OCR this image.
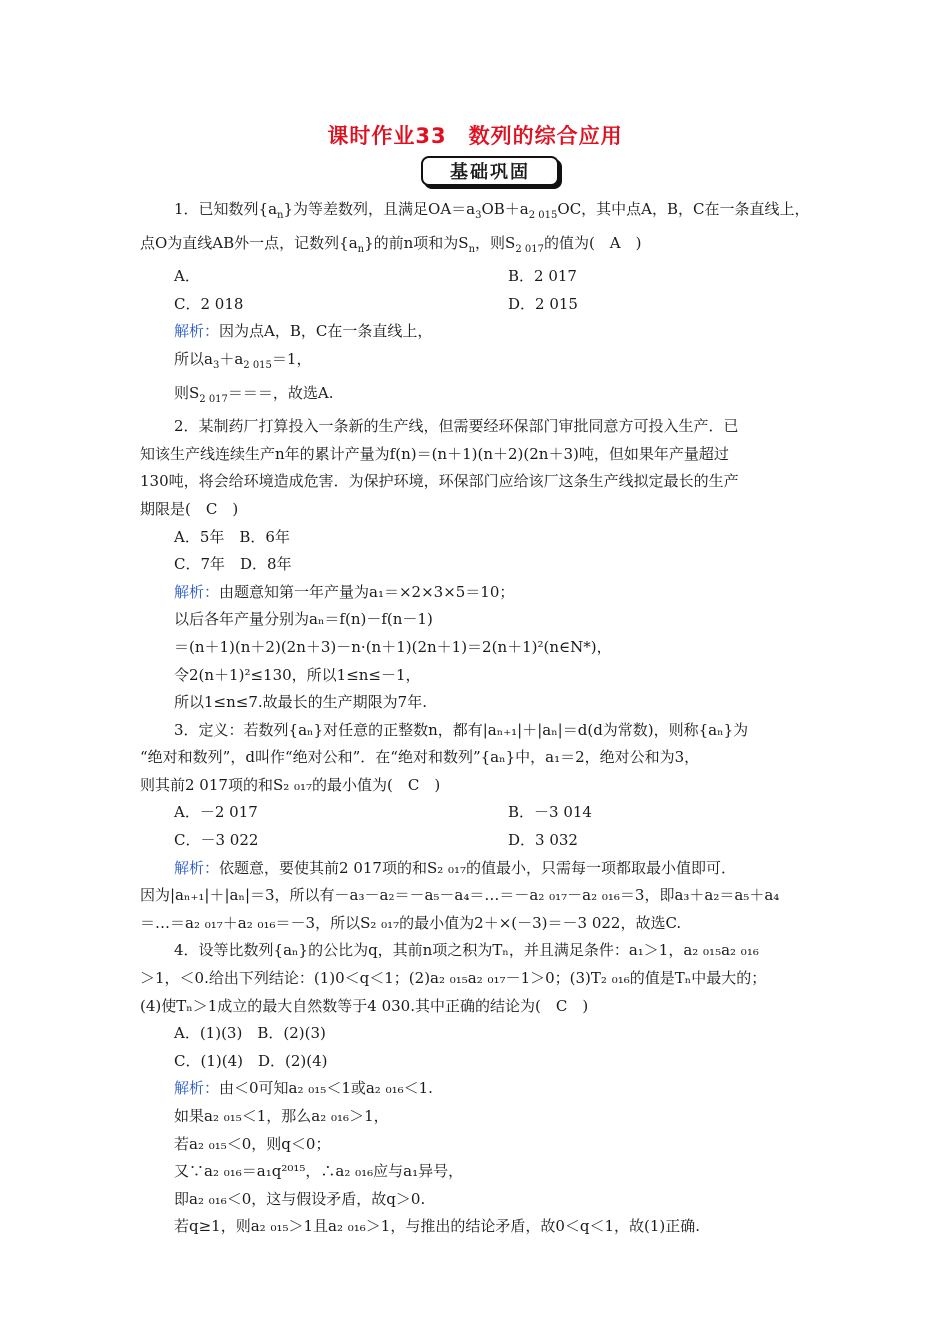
课时作业33　数列的综合应用
基础巩固

1．已知数列$\{a_n\}$为等差数列，且满足$OA=a_3OB+a_{2 015}OC$，其中点A，B，C在一条直线上，

点O为直线AB外一点，记数列$\{a_n\}$的前n项和为$S_n$，则$S_{2 017}$的值为(　A　)

A．	B．2 017
C．2 018	D．2 015

解析：因为点A，B，C在一条直线上，

所以$a_3+a_{2 015}=1$，

则$S_{2 017}===$，故选A.

2．某制药厂打算投入一条新的生产线，但需要经环保部门审批同意方可投入生产．已

知该生产线连续生产n年的累计产量为f(n)＝(n＋1)(n＋2)(2n＋3)吨，但如果年产量超过

130吨，将会给环境造成危害．为保护环境，环保部门应给该厂这条生产线拟定最长的生产

期限是(　C　)

A．5年　B．6年

C．7年　D．8年

解析：由题意知第一年产量为a₁＝×2×3×5＝10；

以后各年产量分别为aₙ＝f(n)－f(n－1)

＝(n＋1)(n＋2)(2n＋3)－n·(n＋1)(2n＋1)＝2(n＋1)²(n∈N*)，

令2(n＋1)²≤130，所以1≤n≤－1，

所以1≤n≤7.故最长的生产期限为7年.

3．定义：若数列{aₙ}对任意的正整数n，都有|aₙ₊₁|＋|aₙ|＝d(d为常数)，则称{aₙ}为

“绝对和数列”，d叫作“绝对公和”．在“绝对和数列”{aₙ}中，a₁＝2，绝对公和为3，

则其前2 017项的和S₂ ₀₁₇的最小值为(　C　)

A．－2 017	B．－3 014
C．－3 022	D．3 032

解析：依题意，要使其前2 017项的和S₂ ₀₁₇的值最小，只需每一项都取最小值即可．

因为|aₙ₊₁|＋|aₙ|＝3，所以有－a₃－a₂＝－a₅－a₄＝…＝－a₂ ₀₁₇－a₂ ₀₁₆＝3，即a₃＋a₂＝a₅＋a₄

＝…＝a₂ ₀₁₇＋a₂ ₀₁₆＝－3，所以S₂ ₀₁₇的最小值为2＋×(－3)＝－3 022，故选C.

4．设等比数列{aₙ}的公比为q，其前n项之积为Tₙ，并且满足条件：a₁＞1，a₂ ₀₁₅a₂ ₀₁₆

＞1，＜0.给出下列结论：(1)0＜q＜1；(2)a₂ ₀₁₅a₂ ₀₁₇－1＞0；(3)T₂ ₀₁₆的值是Tₙ中最大的；

(4)使Tₙ＞1成立的最大自然数等于4 030.其中正确的结论为(　C　)

A．(1)(3)　B．(2)(3)

C．(1)(4)　D．(2)(4)

解析：由＜0可知a₂ ₀₁₅＜1或a₂ ₀₁₆＜1.

如果a₂ ₀₁₅＜1，那么a₂ ₀₁₆＞1，

若a₂ ₀₁₅＜0，则q＜0；

又∵a₂ ₀₁₆＝a₁q²⁰¹⁵，∴a₂ ₀₁₆应与a₁异号，

即a₂ ₀₁₆＜0，这与假设矛盾，故q＞0.

若q≥1，则a₂ ₀₁₅＞1且a₂ ₀₁₆＞1，与推出的结论矛盾，故0＜q＜1，故(1)正确.
